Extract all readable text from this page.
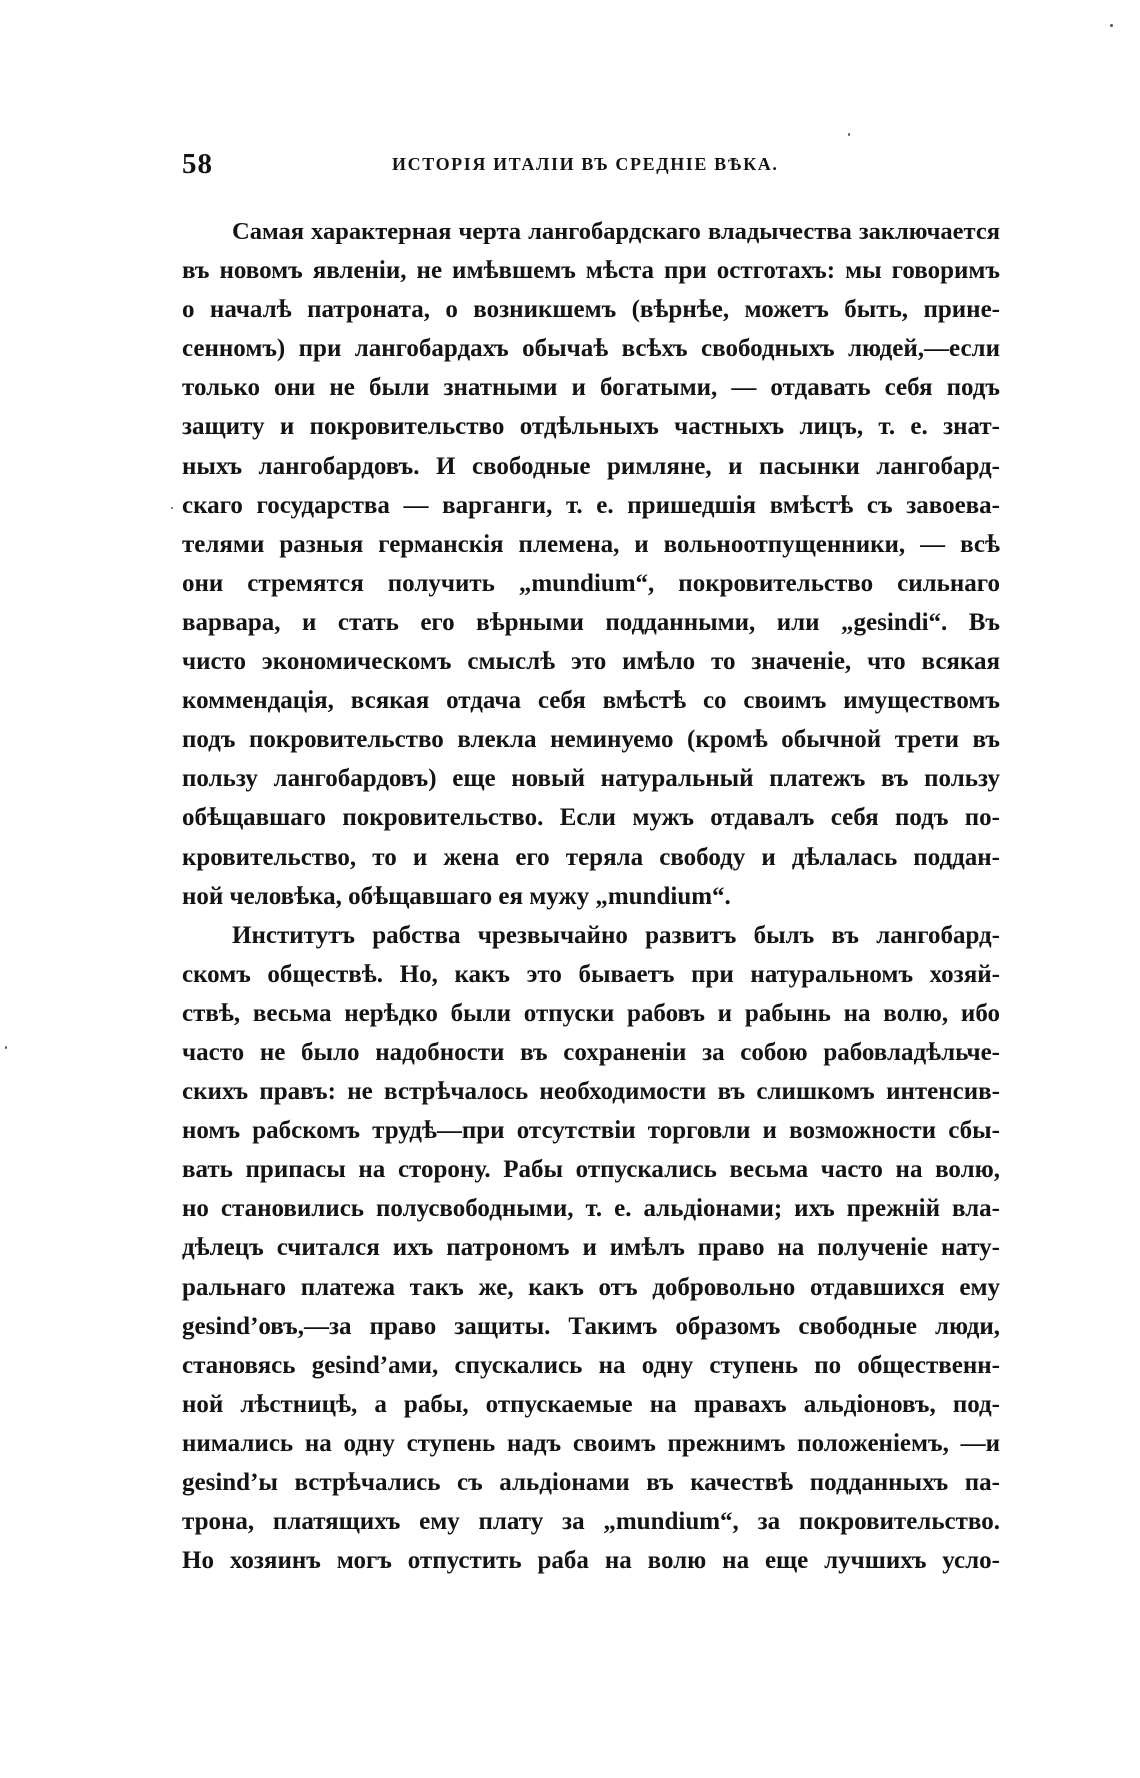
58	ИСТОРІЯ ИТАЛІИ ВЪ СРЕДНІЕ ВѢКА.
Самая характерная черта лангобардскаго владычества заключается
въ новомъ явленіи, не имѣвшемъ мѣста при остготахъ: мы говоримъ
о началѣ патроната, о возникшемъ (вѣрнѣе, можетъ быть, принe-
сенномъ) при лангобардахъ обычаѣ всѣхъ свободныхъ людей,—если
только они не были знатными и богатыми, — отдавать себя подъ
защиту и покровительство отдѣльныхъ частныхъ лицъ, т. е. знат-
ныхъ лангобардовъ. И свободные римляне, и пасынки лангобард-
скаго государства — варганги, т. е. пришедшія вмѣстѣ съ завоева-
телями разныя германскія племена, и вольноотпущенники, — всѣ
они стремятся получить „mundium“, покровительство сильнаго
варвара, и стать его вѣрными подданными, или „gesindi“. Въ
чисто экономическомъ смыслѣ это имѣло то значеніе, что всякая
коммендація, всякая отдача себя вмѣстѣ со своимъ имуществомъ
подъ покровительство влекла неминуемо (кромѣ обычной трети въ
пользу лангобардовъ) еще новый натуральный платежъ въ пользу
обѣщавшаго покровительство. Если мужъ отдавалъ себя подъ по-
кровительство, то и жена его теряла свободу и дѣлалась поддан-
ной человѣка, обѣщавшаго ея мужу „mundium“.
Институтъ рабства чрезвычайно развитъ былъ въ лангобард-
скомъ обществѣ. Но, какъ это бываетъ при натуральномъ хозяй-
ствѣ, весьма нерѣдко были отпуски рабовъ и рабынь на волю, ибо
часто не было надобности въ сохраненіи за собою рабовладѣльче-
скихъ правъ: не встрѣчалось необходимости въ слишкомъ интенсив-
номъ рабскомъ трудѣ—при отсутствіи торговли и возможности сбы-
вать припасы на сторону. Рабы отпускались весьма часто на волю,
но становились полусвободными, т. е. альдіонами; ихъ прежній вла-
дѣлецъ считался ихъ патрономъ и имѣлъ право на полученіе нату-
ральнаго платежа такъ же, какъ отъ добровольно отдавшихся ему
gesind’овъ,—за право защиты. Такимъ образомъ свободные люди,
становясь gesind’ами, спускались на одну ступень по общественн-
ной лѣстницѣ, а рабы, отпускаемые на правахъ альдіоновъ, под-
нимались на одну ступень надъ своимъ прежнимъ положеніемъ, —и
gesind’ы встрѣчались съ альдіонами въ качествѣ подданныхъ па-
трона, платящихъ ему плату за „mundium“, за покровительство.
Но хозяинъ могъ отпустить раба на волю на еще лучшихъ усло-
